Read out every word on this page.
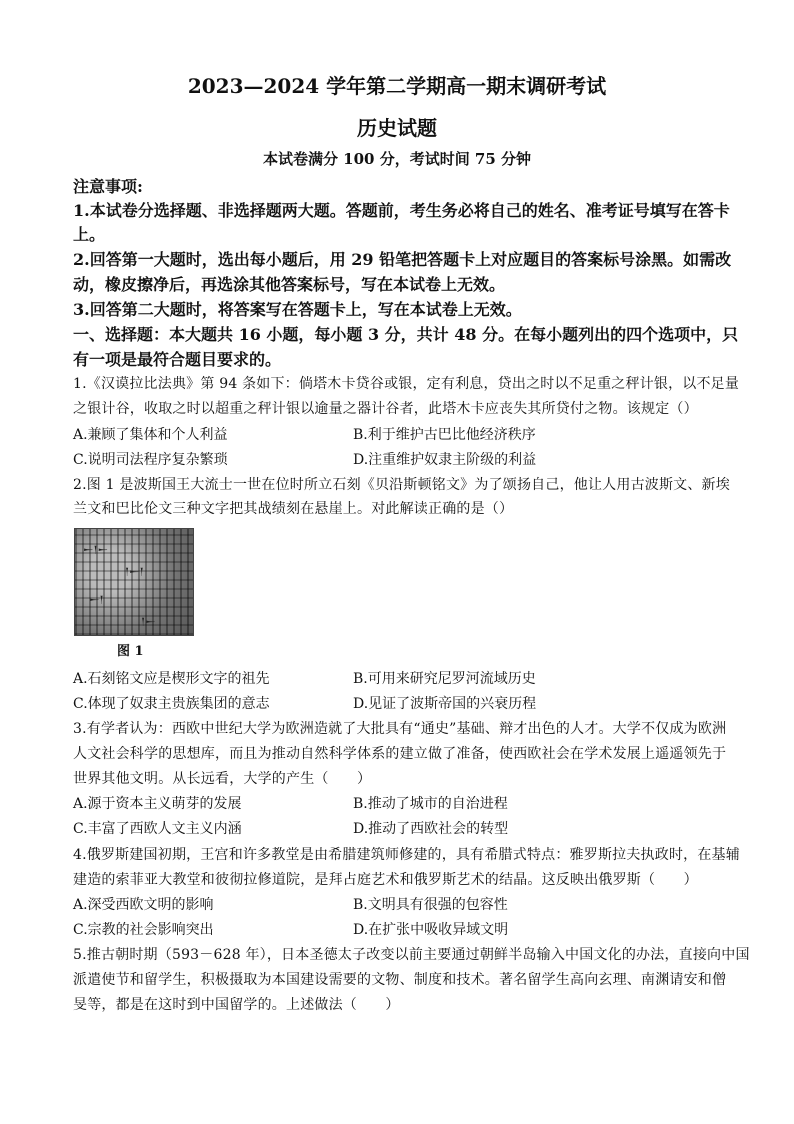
2023—2024 学年第二学期高一期末调研考试
历史试题
本试卷满分 100 分，考试时间 75 分钟
注意事项:
1.本试卷分选择题、非选择题两大题。答题前，考生务必将自己的姓名、准考证号填写在答卡
上。
2.回答第一大题时，选出每小题后，用 29 铅笔把答题卡上对应题目的答案标号涂黑。如需改
动，橡皮擦净后，再选涂其他答案标号，写在本试卷上无效。
3.回答第二大题时，将答案写在答题卡上，写在本试卷上无效。
一、选择题：本大题共 16 小题，每小题 3 分，共计 48 分。在每小题列出的四个选项中，只
有一项是最符合题目要求的。
1.《汉谟拉比法典》第 94 条如下：倘塔木卡贷谷或银，定有利息，贷出之时以不足重之秤计银，以不足量
之银计谷，收取之时以超重之秤计银以逾量之器计谷者，此塔木卡应丧失其所贷付之物。该规定（）
A.兼顾了集体和个人利益	B.利于维护古巴比他经济秩序
C.说明司法程序复杂繁琐	D.注重维护奴隶主阶级的利益
2.图 1 是波斯国王大流士一世在位时所立石刻《贝沿斯顿铭文》为了颂扬自己，他让人用古波斯文、新埃
兰文和巴比伦文三种文字把其战绩刻在悬崖上。对此解读正确的是（）
𒀸𒁹𒀸
𒁹𒀸𒁹
𒀸𒁹
𒁹𒀸
图 1
A.石刻铭文应是楔形文字的祖先	B.可用来研究尼罗河流域历史
C.体现了奴隶主贵族集团的意志	D.见证了波斯帝国的兴衰历程
3.有学者认为：西欧中世纪大学为欧洲造就了大批具有“通史”基础、辩才出色的人才。大学不仅成为欧洲
人文社会科学的思想库，而且为推动自然科学体系的建立做了准备，使西欧社会在学术发展上遥遥领先于
世界其他文明。从长远看，大学的产生（　　）
A.源于资本主义萌芽的发展	B.推动了城市的自治进程
C.丰富了西欧人文主义内涵	D.推动了西欧社会的转型
4.俄罗斯建国初期，王宫和许多教堂是由希腊建筑师修建的，具有希腊式特点：雅罗斯拉夫执政时，在基辅
建造的索菲亚大教堂和彼彻拉修道院，是拜占庭艺术和俄罗斯艺术的结晶。这反映出俄罗斯（　　）
A.深受西欧文明的影响	B.文明具有很强的包容性
C.宗教的社会影响突出	D.在扩张中吸收异域文明
5.推古朝时期（593－628 年），日本圣德太子改变以前主要通过朝鲜半岛输入中国文化的办法，直接向中国
派遣使节和留学生，积极摄取为本国建设需要的文物、制度和技术。著名留学生高向玄理、南渊请安和僧
旻等，都是在这时到中国留学的。上述做法（　　）
